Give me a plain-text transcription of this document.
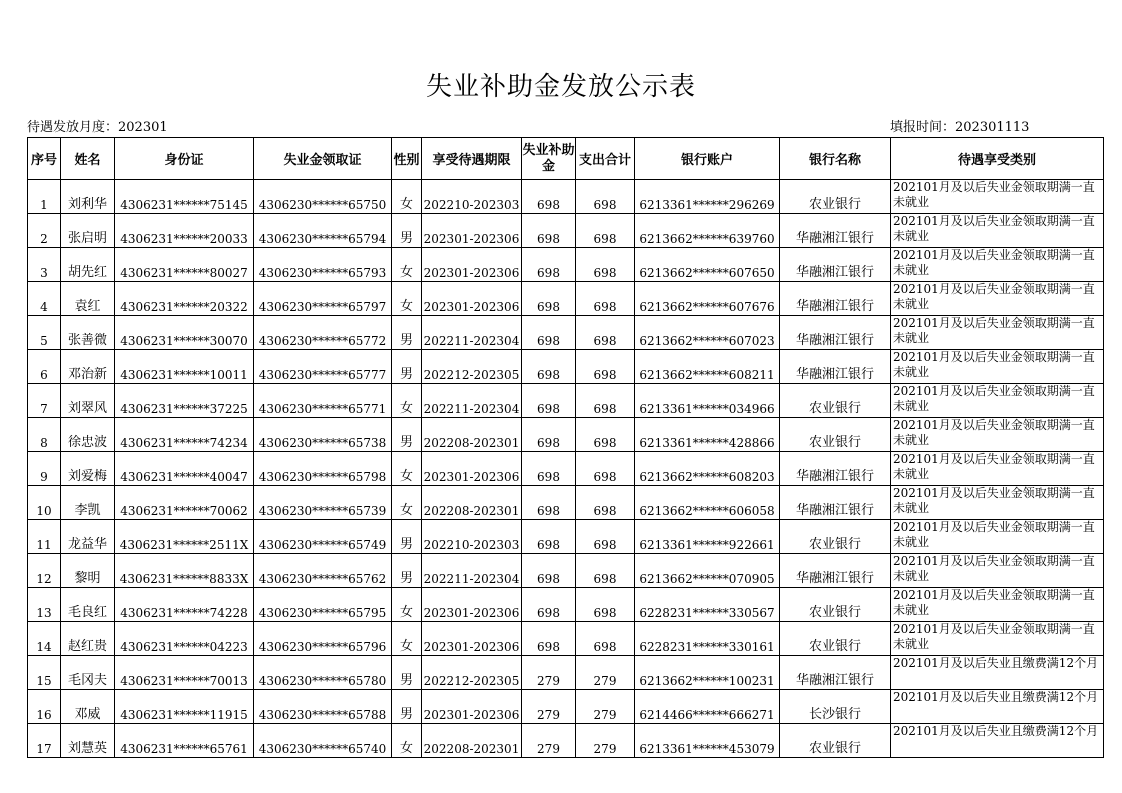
失业补助金发放公示表
待遇发放月度：202301	填报时间：202301113
序号	姓名	身份证	失业金领取证	性别	享受待遇期限	失业补助金	支出合计	银行账户	银行名称	待遇享受类别
1	刘利华	4306231******75145	4306230******65750	女	202210-202303	698	698	6213361******296269	农业银行	202101月及以后失业金领取期满一直未就业
2	张启明	4306231******20033	4306230******65794	男	202301-202306	698	698	6213662******639760	华融湘江银行	202101月及以后失业金领取期满一直未就业
3	胡先红	4306231******80027	4306230******65793	女	202301-202306	698	698	6213662******607650	华融湘江银行	202101月及以后失业金领取期满一直未就业
4	袁红	4306231******20322	4306230******65797	女	202301-202306	698	698	6213662******607676	华融湘江银行	202101月及以后失业金领取期满一直未就业
5	张善微	4306231******30070	4306230******65772	男	202211-202304	698	698	6213662******607023	华融湘江银行	202101月及以后失业金领取期满一直未就业
6	邓治新	4306231******10011	4306230******65777	男	202212-202305	698	698	6213662******608211	华融湘江银行	202101月及以后失业金领取期满一直未就业
7	刘翠风	4306231******37225	4306230******65771	女	202211-202304	698	698	6213361******034966	农业银行	202101月及以后失业金领取期满一直未就业
8	徐忠波	4306231******74234	4306230******65738	男	202208-202301	698	698	6213361******428866	农业银行	202101月及以后失业金领取期满一直未就业
9	刘爱梅	4306231******40047	4306230******65798	女	202301-202306	698	698	6213662******608203	华融湘江银行	202101月及以后失业金领取期满一直未就业
10	李凯	4306231******70062	4306230******65739	女	202208-202301	698	698	6213662******606058	华融湘江银行	202101月及以后失业金领取期满一直未就业
11	龙益华	4306231******2511X	4306230******65749	男	202210-202303	698	698	6213361******922661	农业银行	202101月及以后失业金领取期满一直未就业
12	黎明	4306231******8833X	4306230******65762	男	202211-202304	698	698	6213662******070905	华融湘江银行	202101月及以后失业金领取期满一直未就业
13	毛良红	4306231******74228	4306230******65795	女	202301-202306	698	698	6228231******330567	农业银行	202101月及以后失业金领取期满一直未就业
14	赵红贵	4306231******04223	4306230******65796	女	202301-202306	698	698	6228231******330161	农业银行	202101月及以后失业金领取期满一直未就业
15	毛冈夫	4306231******70013	4306230******65780	男	202212-202305	279	279	6213662******100231	华融湘江银行	202101月及以后失业且缴费满12个月
16	邓威	4306231******11915	4306230******65788	男	202301-202306	279	279	6214466******666271	长沙银行	202101月及以后失业且缴费满12个月
17	刘慧英	4306231******65761	4306230******65740	女	202208-202301	279	279	6213361******453079	农业银行	202101月及以后失业且缴费满12个月
